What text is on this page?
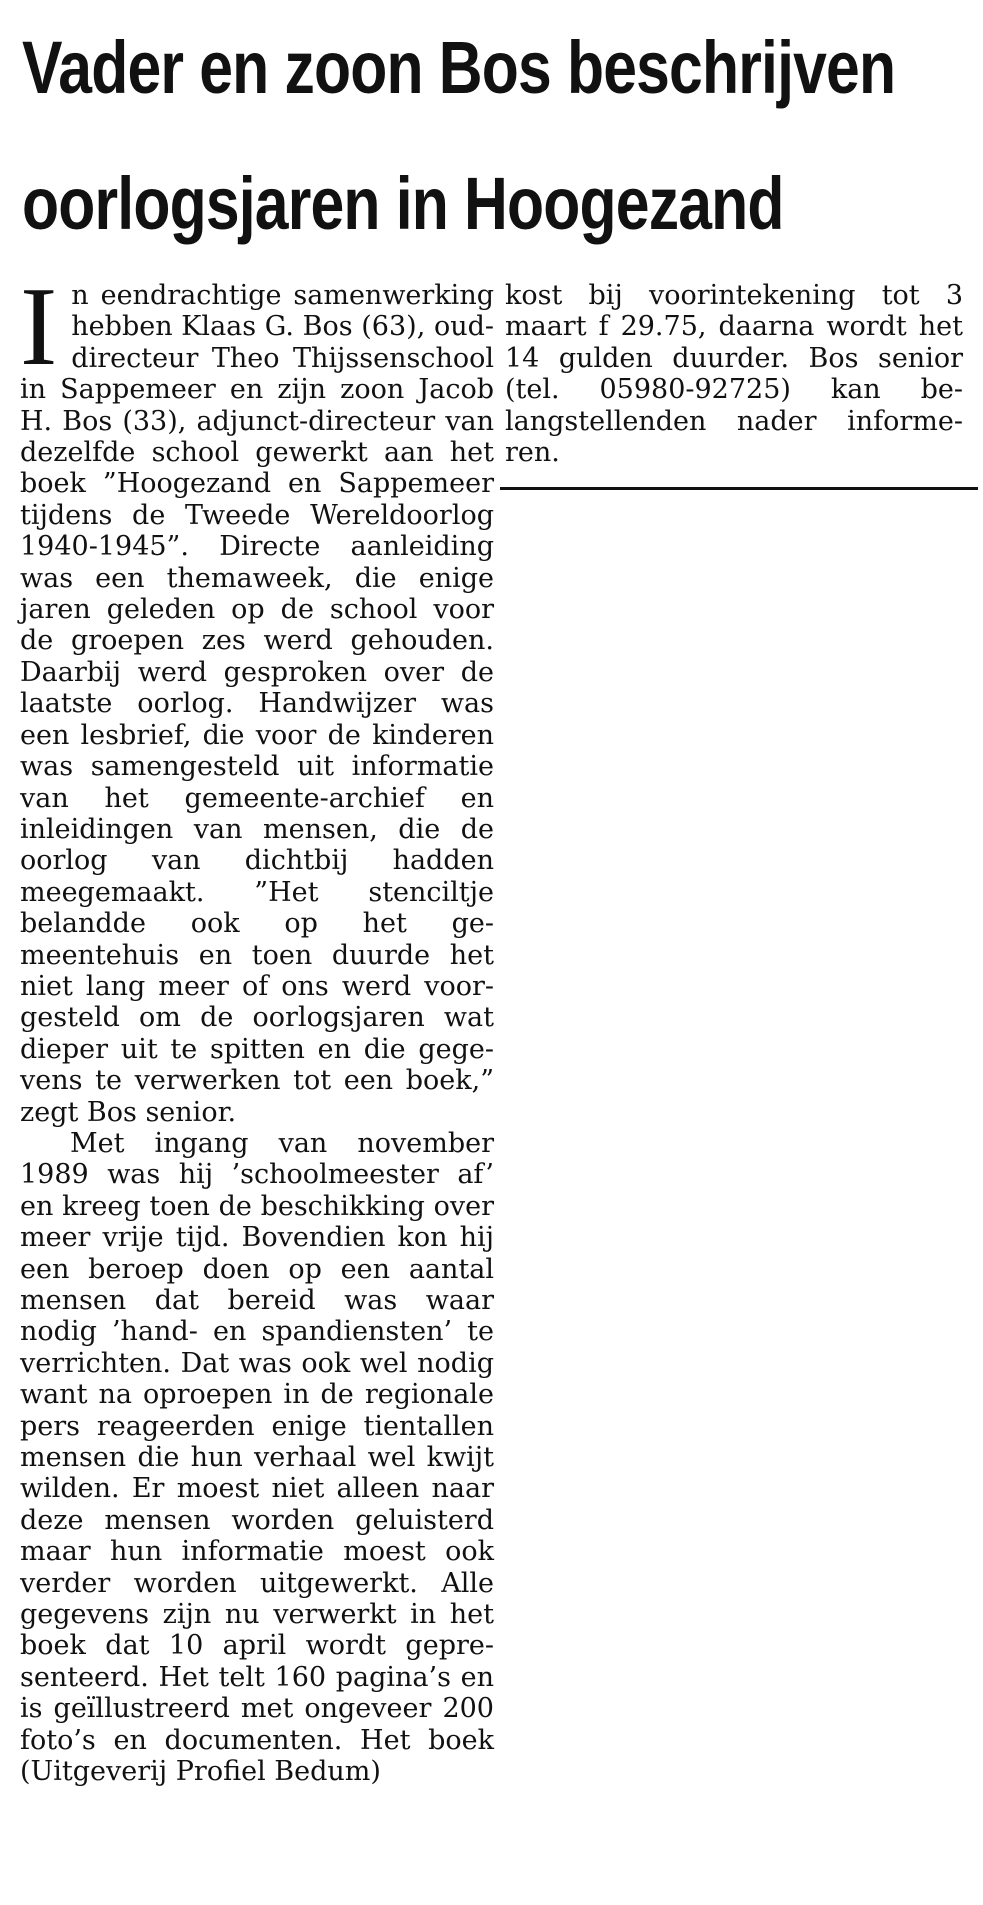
Vader en zoon Bos beschrijven
oorlogsjaren in Hoogezand

In eendrachtige samenwerking hebben Klaas G. Bos (63), oud-directeur Theo Thijssenschool in Sappemeer en zijn zoon Jacob H. Bos (33), adjunct-directeur van dezelfde school gewerkt aan het boek ”Hoogezand en Sappemeer tijdens de Tweede Wereldoorlog 1940-1945”. Directe aanleiding was een themaweek, die enige jaren geleden op de school voor de groepen zes werd gehouden. Daarbij werd gesproken over de laatste oorlog. Handwijzer was een lesbrief, die voor de kinderen was samengesteld uit informatie van het gemeente-archief en inleidingen van mensen, die de oorlog van dichtbij hadden meegemaakt. ”Het stenciltje belandde ook op het gemeentehuis en toen duurde het niet lang meer of ons werd voorgesteld om de oorlogsjaren wat dieper uit te spitten en die gegevens te verwerken tot een boek,” zegt Bos senior.

Met ingang van november 1989 was hij ’schoolmeester af’ en kreeg toen de beschikking over meer vrije tijd. Bovendien kon hij een beroep doen op een aantal mensen dat bereid was waar nodig ’hand- en spandiensten’ te verrichten. Dat was ook wel nodig want na oproepen in de regionale pers reageerden enige tientallen mensen die hun verhaal wel kwijt wilden. Er moest niet alleen naar deze mensen worden geluisterd maar hun informatie moest ook verder worden uitgewerkt. Alle gegevens zijn nu verwerkt in het boek dat 10 april wordt gepresenteerd. Het telt 160 pagina’s en is geïllustreerd met ongeveer 200 foto’s en documenten. Het boek (Uitgeverij Profiel Bedum)

kost bij voorintekening tot 3 maart f 29.75, daarna wordt het 14 gulden duurder. Bos senior (tel. 05980-92725) kan belangstellenden nader informeren.
